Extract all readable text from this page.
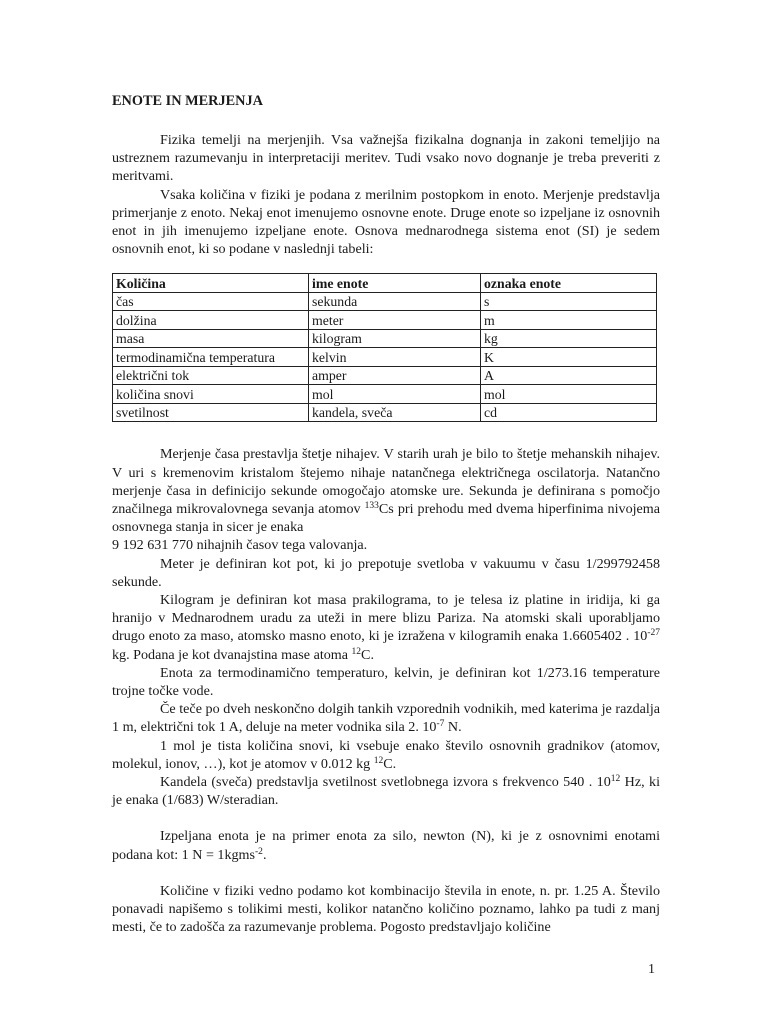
ENOTE IN MERJENJA

Fizika temelji na merjenjih. Vsa važnejša fizikalna dognanja in zakoni temeljijo na ustreznem razumevanju in interpretaciji meritev. Tudi vsako novo dognanje je treba preveriti z meritvami.

Vsaka količina v fiziki je podana z merilnim postopkom in enoto. Merjenje predstavlja primerjanje z enoto. Nekaj enot imenujemo osnovne enote. Druge enote so izpeljane iz osnovnih enot in jih imenujemo izpeljane enote. Osnova mednarodnega sistema enot (SI) je sedem osnovnih enot, ki so podane v naslednji tabeli:

Količina	ime enote	oznaka enote
čas	sekunda	s
dolžina	meter	m
masa	kilogram	kg
termodinamična temperatura	kelvin	K
električni tok	amper	A
količina snovi	mol	mol
svetilnost	kandela, sveča	cd

Merjenje časa prestavlja štetje nihajev. V starih urah je bilo to štetje mehanskih nihajev. V uri s kremenovim kristalom štejemo nihaje natančnega električnega oscilatorja. Natančno merjenje časa in definicijo sekunde omogočajo atomske ure. Sekunda je definirana s pomočjo značilnega mikrovalovnega sevanja atomov $^{133}$Cs pri prehodu med dvema hiperfinima nivojema osnovnega stanja in sicer je enaka

9 192 631 770 nihajnih časov tega valovanja.

Meter je definiran kot pot, ki jo prepotuje svetloba v vakuumu v času 1/299792458 sekunde.

Kilogram je definiran kot masa prakilograma, to je telesa iz platine in iridija, ki ga hranijo v Mednarodnem uradu za uteži in mere blizu Pariza. Na atomski skali uporabljamo drugo enoto za maso, atomsko masno enoto, ki je izražena v kilogramih enaka 1.6605402 . $10^{-27}$ kg. Podana je kot dvanajstina mase atoma $^{12}$C.

Enota za termodinamično temperaturo, kelvin, je definiran kot 1/273.16 temperature trojne točke vode.

Če teče po dveh neskončno dolgih tankih vzporednih vodnikih, med katerima je razdalja 1 m, električni tok 1 A, deluje na meter vodnika sila 2. $10^{-7}$ N.

1 mol je tista količina snovi, ki vsebuje enako število osnovnih gradnikov (atomov, molekul, ionov, …), kot je atomov v 0.012 kg $^{12}$C.

Kandela (sveča) predstavlja svetilnost svetlobnega izvora s frekvenco 540 . $10^{12}$ Hz, ki je enaka (1/683) W/steradian.

Izpeljana enota je na primer enota za silo, newton (N), ki je z osnovnimi enotami podana kot: 1 N = 1kgms$^{-2}$.

Količine v fiziki vedno podamo kot kombinacijo števila in enote, n. pr. 1.25 A. Število ponavadi napišemo s tolikimi mesti, kolikor natančno količino poznamo, lahko pa tudi z manj mesti, če to zadošča za razumevanje problema. Pogosto predstavljajo količine

1
